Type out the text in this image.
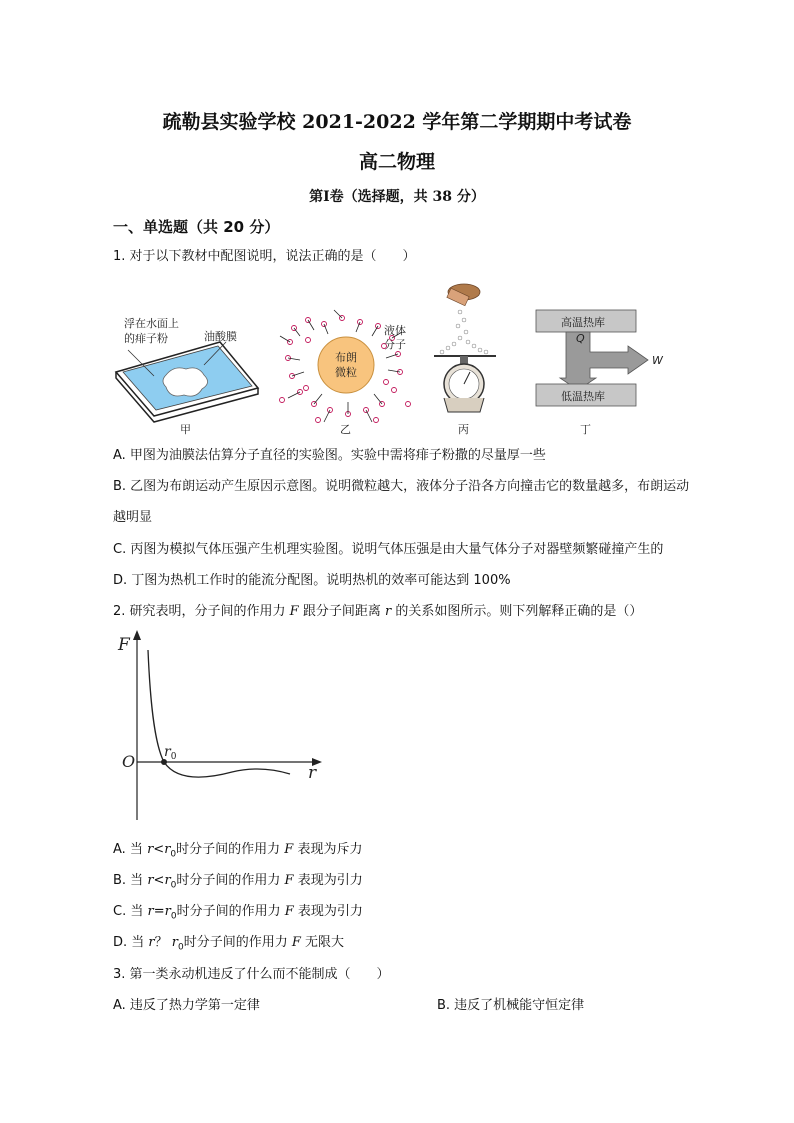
疏勒县实验学校 2021-2022 学年第二学期期中考试卷
高二物理
第Ⅰ卷（选择题，共 38 分）
一、单选题（共 20 分）
1. 对于以下教材中配图说明，说法正确的是（　　）
浮在水面上
的痱子粉	油酸膜
甲
布朗
微粒
液体
分子
乙	丙
高温热库
Q
W
低温热库
丁
A. 甲图为油膜法估算分子直径的实验图。实验中需将痱子粉撒的尽量厚一些
B. 乙图为布朗运动产生原因示意图。说明微粒越大，液体分子沿各方向撞击它的数量越多，布朗运动越明显
C. 丙图为模拟气体压强产生机理实验图。说明气体压强是由大量气体分子对器壁频繁碰撞产生的
D. 丁图为热机工作时的能流分配图。说明热机的效率可能达到 100%
2. 研究表明，分子间的作用力 F 跟分子间距离 r 的关系如图所示。则下列解释正确的是（）
F
O
r
$r_0$
A. 当 $r<r_0$时分子间的作用力 F 表现为斥力
B. 当 $r<r_0$时分子间的作用力 F 表现为引力
C. 当 $r=r_0$时分子间的作用力 F 表现为引力
D. 当 r？ $r_0$时分子间的作用力 F 无限大
3. 第一类永动机违反了什么而不能制成（　　）
A. 违反了热力学第一定律	B. 违反了机械能守恒定律
